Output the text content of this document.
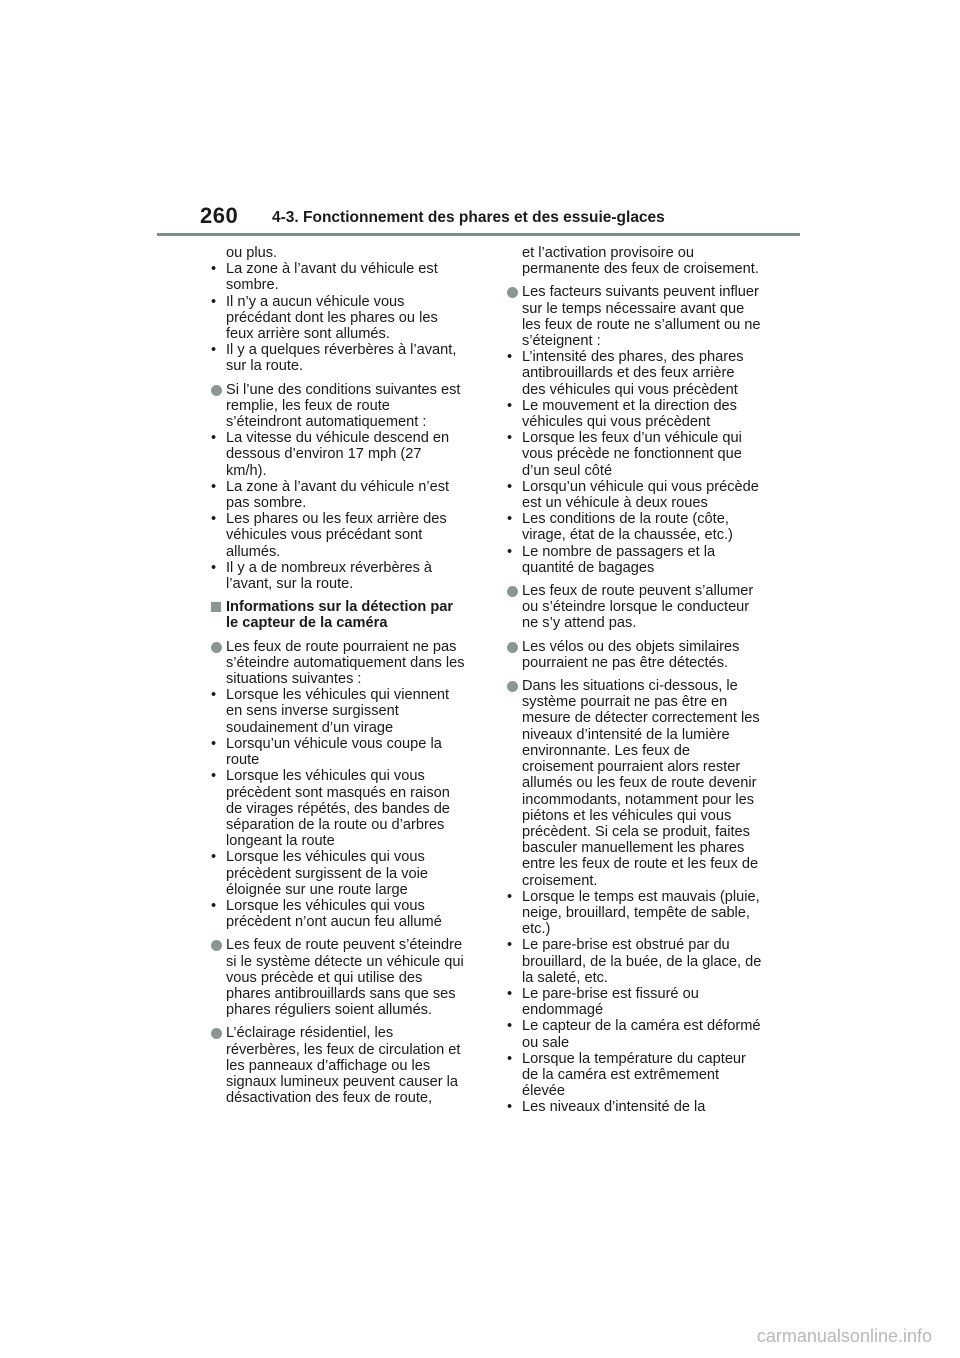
260 4-3. Fonctionnement des phares et des essuie-glaces
ou plus.
• La zone à l’avant du véhicule est sombre.
• Il n’y a aucun véhicule vous précédant dont les phares ou les feux arrière sont allumés.
• Il y a quelques réverbères à l’avant, sur la route.
Si l’une des conditions suivantes est remplie, les feux de route s’éteindront automatiquement :
• La vitesse du véhicule descend en dessous d’environ 17 mph (27 km/h).
• La zone à l’avant du véhicule n’est pas sombre.
• Les phares ou les feux arrière des véhicules vous précédant sont allumés.
• Il y a de nombreux réverbères à l’avant, sur la route.
Informations sur la détection par le capteur de la caméra
Les feux de route pourraient ne pas s’éteindre automatiquement dans les situations suivantes :
• Lorsque les véhicules qui viennent en sens inverse surgissent soudainement d’un virage
• Lorsqu’un véhicule vous coupe la route
• Lorsque les véhicules qui vous précèdent sont masqués en raison de virages répétés, des bandes de séparation de la route ou d’arbres longeant la route
• Lorsque les véhicules qui vous précèdent surgissent de la voie éloignée sur une route large
• Lorsque les véhicules qui vous précèdent n’ont aucun feu allumé
Les feux de route peuvent s’éteindre si le système détecte un véhicule qui vous précède et qui utilise des phares antibrouillards sans que ses phares réguliers soient allumés.
L’éclairage résidentiel, les réverbères, les feux de circulation et les panneaux d’affichage ou les signaux lumineux peuvent causer la désactivation des feux de route,
et l’activation provisoire ou permanente des feux de croisement.
Les facteurs suivants peuvent influer sur le temps nécessaire avant que les feux de route ne s’allument ou ne s’éteignent :
• L’intensité des phares, des phares antibrouillards et des feux arrière des véhicules qui vous précèdent
• Le mouvement et la direction des véhicules qui vous précèdent
• Lorsque les feux d’un véhicule qui vous précède ne fonctionnent que d’un seul côté
• Lorsqu’un véhicule qui vous précède est un véhicule à deux roues
• Les conditions de la route (côte, virage, état de la chaussée, etc.)
• Le nombre de passagers et la quantité de bagages
Les feux de route peuvent s’allumer ou s’éteindre lorsque le conducteur ne s’y attend pas.
Les vélos ou des objets similaires pourraient ne pas être détectés.
Dans les situations ci-dessous, le système pourrait ne pas être en mesure de détecter correctement les niveaux d’intensité de la lumière environnante. Les feux de croisement pourraient alors rester allumés ou les feux de route devenir incommodants, notamment pour les piétons et les véhicules qui vous précèdent. Si cela se produit, faites basculer manuellement les phares entre les feux de route et les feux de croisement.
• Lorsque le temps est mauvais (pluie, neige, brouillard, tempête de sable, etc.)
• Le pare-brise est obstrué par du brouillard, de la buée, de la glace, de la saleté, etc.
• Le pare-brise est fissuré ou endommagé
• Le capteur de la caméra est déformé ou sale
• Lorsque la température du capteur de la caméra est extrêmement élevée
• Les niveaux d’intensité de la
carmanualsonline.info
